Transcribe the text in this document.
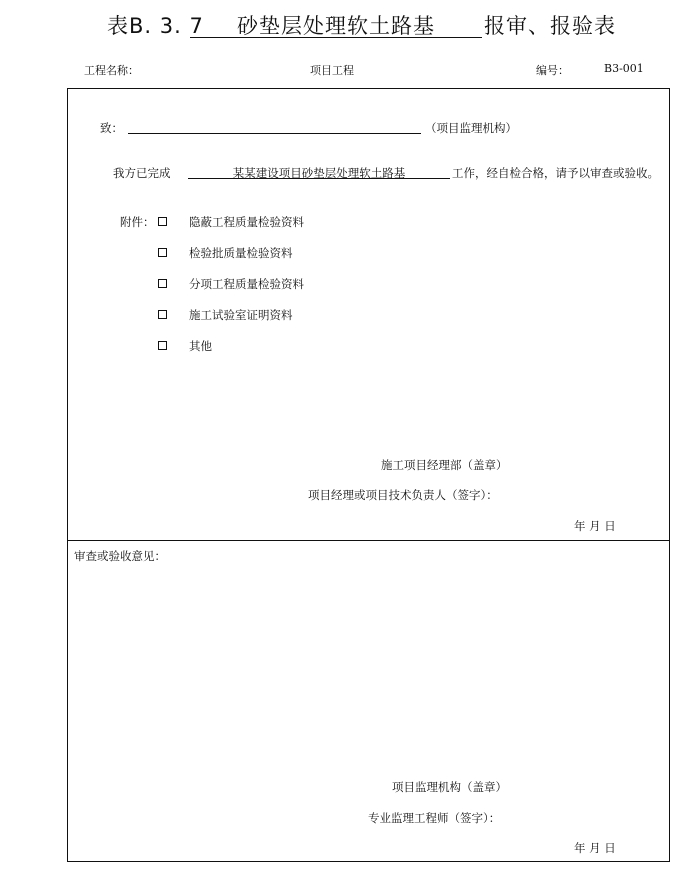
表B. 3. 7	砂垫层处理软土路基	报审、报验表
工程名称：	项目工程	编号：	B3-001
致：	（项目监理机构）
我方已完成	某某建设项目砂垫层处理软土路基	工作，经自检合格，请予以审查或验收。
附件：	隐蔽工程质量检验资料
检验批质量检验资料
分项工程质量检验资料
施工试验室证明资料
其他
施工项目经理部（盖章）
项目经理或项目技术负责人（签字）：
年 月 日
审查或验收意见：
项目监理机构（盖章）
专业监理工程师（签字）：
年 月 日
